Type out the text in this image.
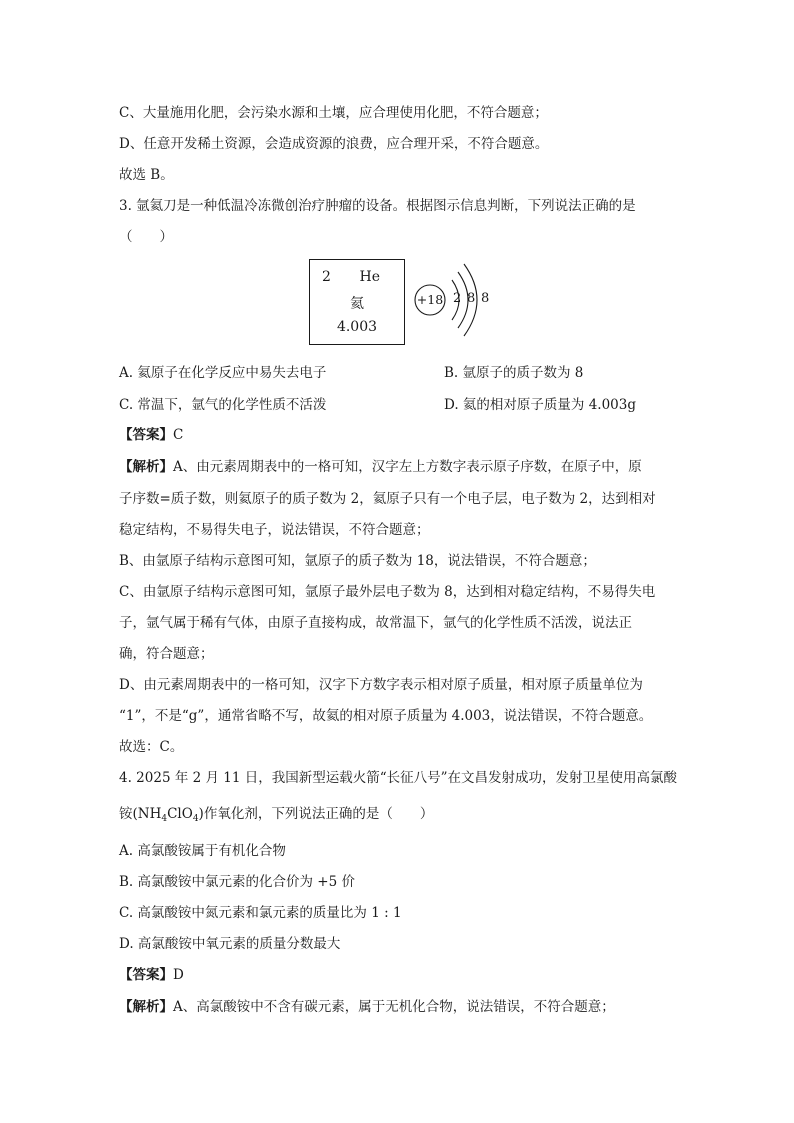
C、大量施用化肥，会污染水源和土壤，应合理使用化肥，不符合题意；
D、任意开发稀土资源，会造成资源的浪费，应合理开采，不符合题意。
故选 B。
3. 氩氦刀是一种低温冷冻微创治疗肿瘤的设备。根据图示信息判断，下列说法正确的是
（　　）
2 He
氦
4.003
+18 2 8 8
A. 氦原子在化学反应中易失去电子	B. 氩原子的质子数为 8
C. 常温下，氩气的化学性质不活泼	D. 氦的相对原子质量为 4.003g
【答案】C
【解析】A、由元素周期表中的一格可知，汉字左上方数字表示原子序数，在原子中，原
子序数=质子数，则氦原子的质子数为 2，氦原子只有一个电子层，电子数为 2，达到相对
稳定结构，不易得失电子，说法错误，不符合题意；
B、由氩原子结构示意图可知，氩原子的质子数为 18，说法错误，不符合题意；
C、由氩原子结构示意图可知，氩原子最外层电子数为 8，达到相对稳定结构，不易得失电
子，氩气属于稀有气体，由原子直接构成，故常温下，氩气的化学性质不活泼，说法正
确，符合题意；
D、由元素周期表中的一格可知，汉字下方数字表示相对原子质量，相对原子质量单位为
“1”，不是“g”，通常省略不写，故氦的相对原子质量为 4.003，说法错误，不符合题意。
故选：C。
4. 2025 年 2 月 11 日，我国新型运载火箭“长征八号”在文昌发射成功，发射卫星使用高氯酸
铵$(NH_4ClO_4)$作氧化剂，下列说法正确的是（　　）
A. 高氯酸铵属于有机化合物
B. 高氯酸铵中氯元素的化合价为 +5 价
C. 高氯酸铵中氮元素和氯元素的质量比为 1 : 1
D. 高氯酸铵中氧元素的质量分数最大
【答案】D
【解析】A、高氯酸铵中不含有碳元素，属于无机化合物，说法错误，不符合题意；
